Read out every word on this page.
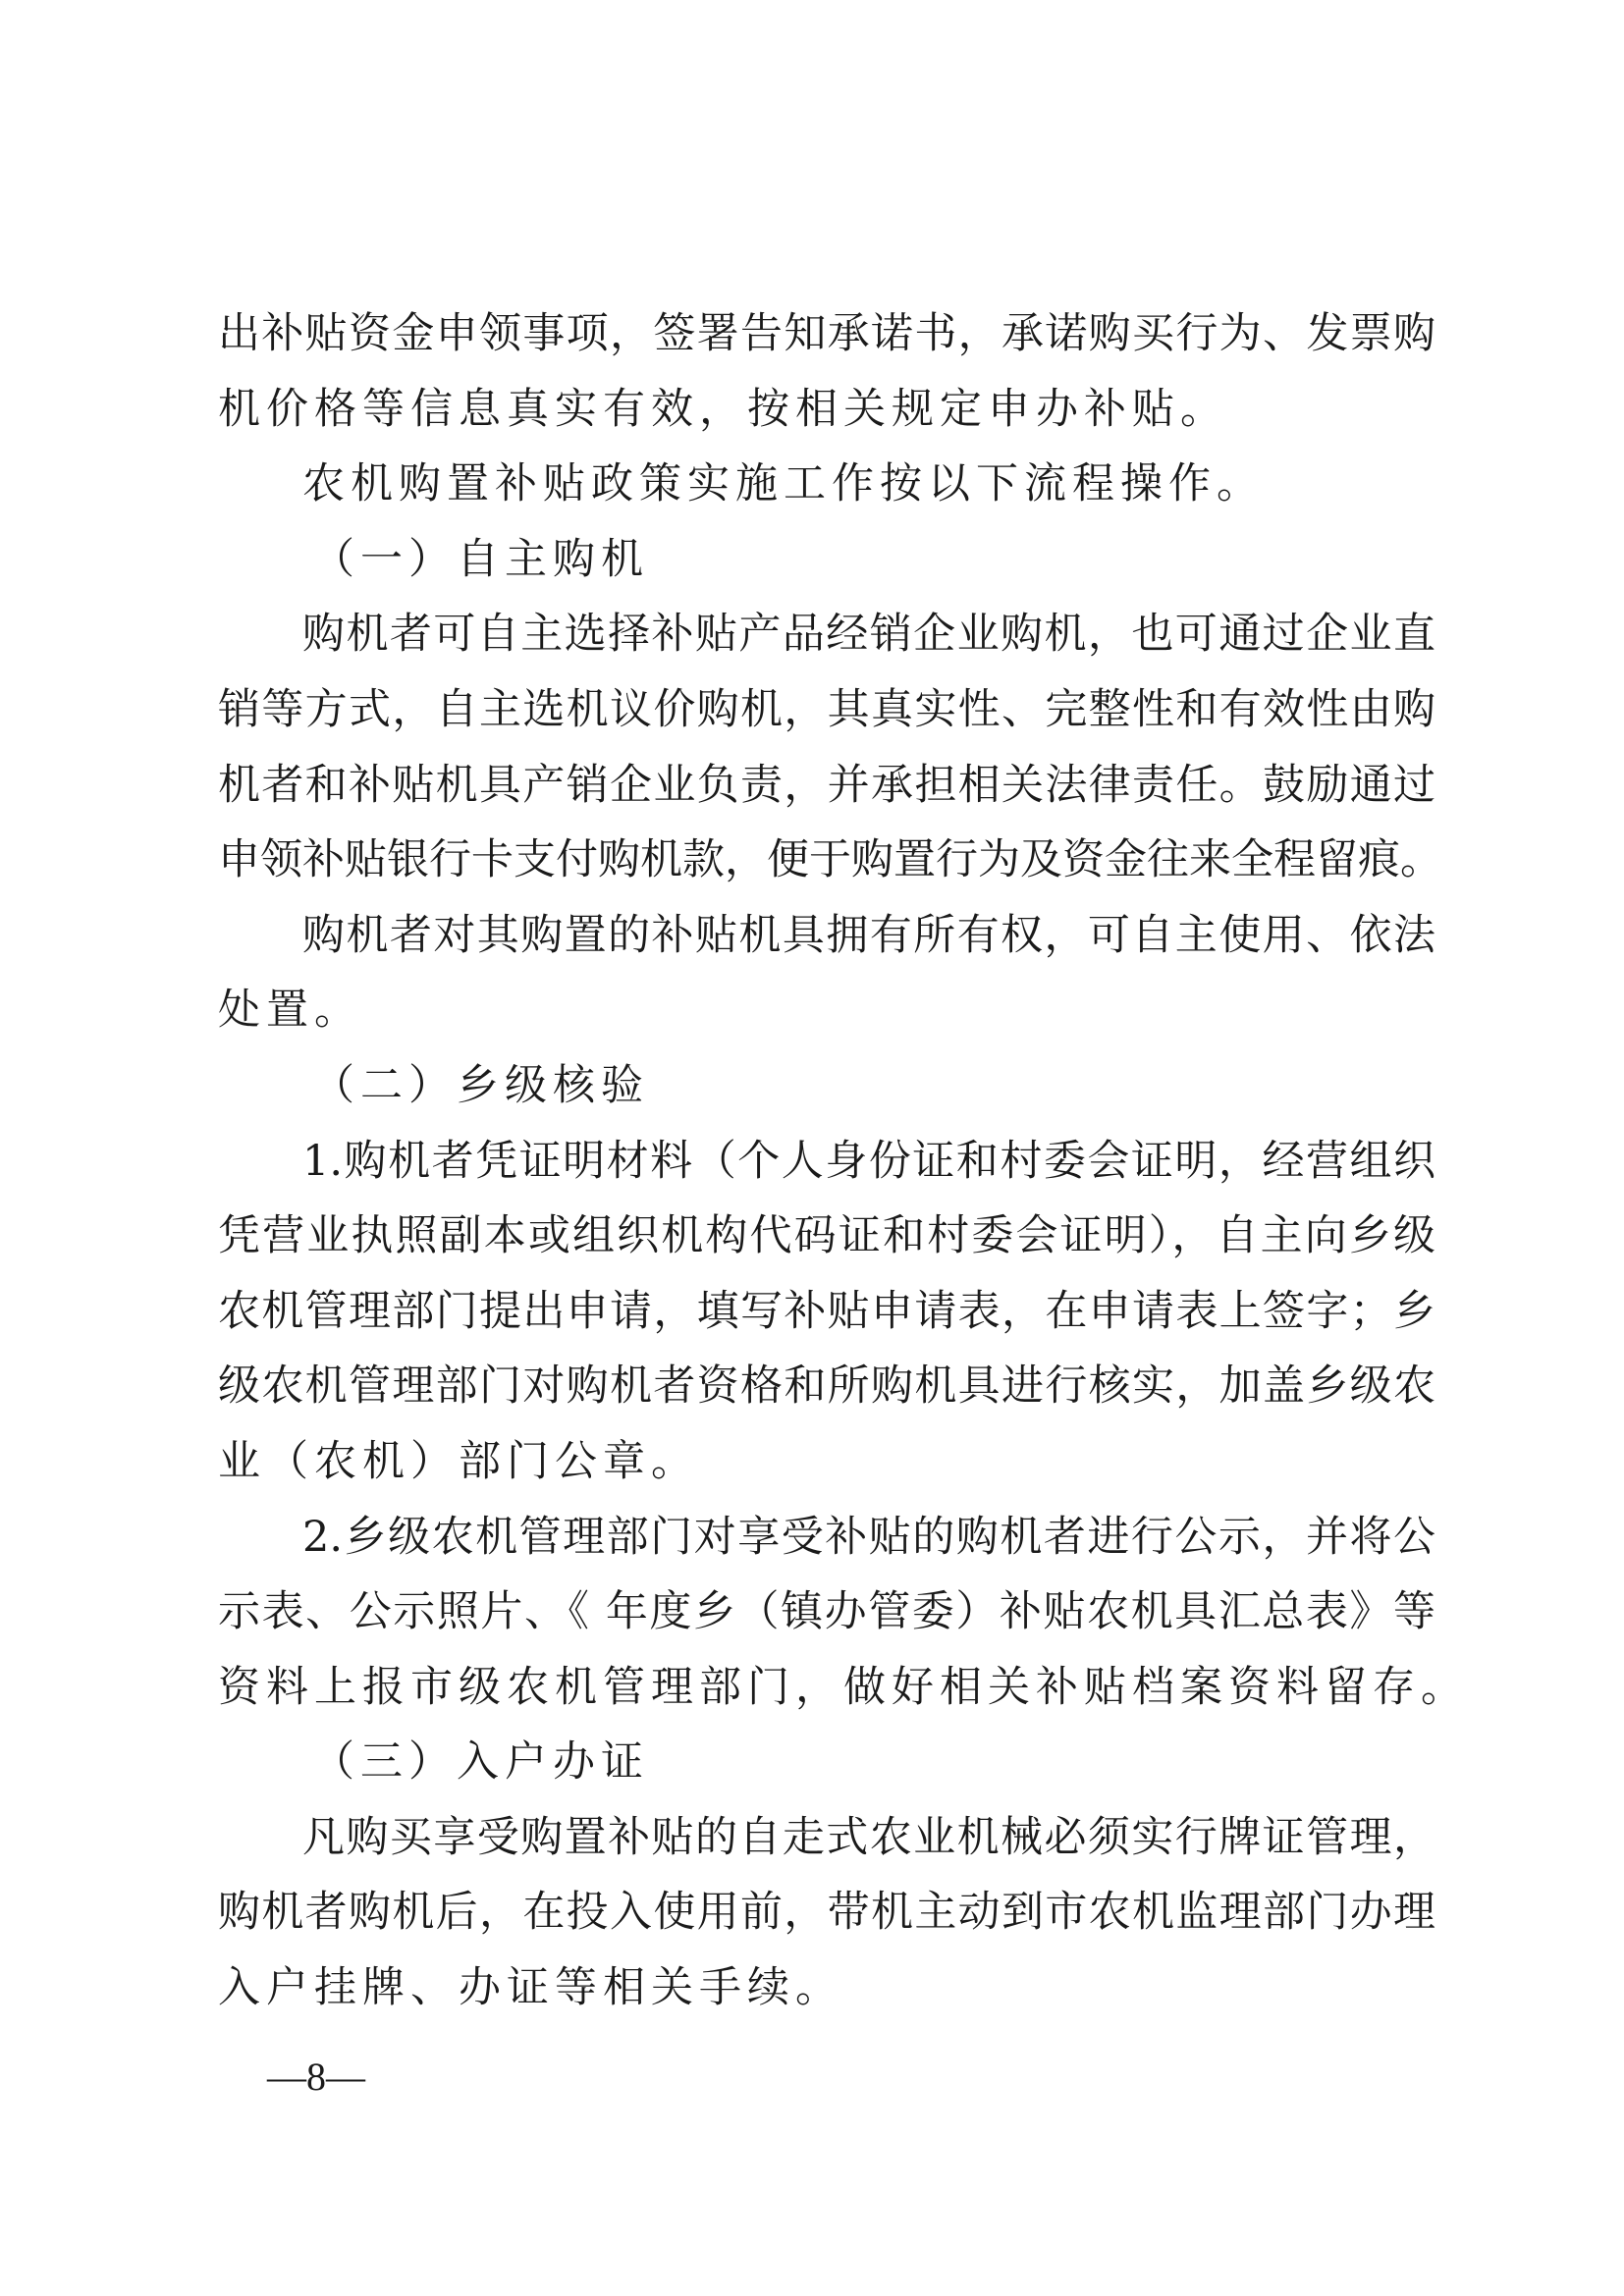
出补贴资金申领事项，签署告知承诺书，承诺购买行为、发票购
机价格等信息真实有效，按相关规定申办补贴。
农机购置补贴政策实施工作按以下流程操作。
（一）自主购机
购机者可自主选择补贴产品经销企业购机，也可通过企业直
销等方式，自主选机议价购机，其真实性、完整性和有效性由购
机者和补贴机具产销企业负责，并承担相关法律责任。鼓励通过
申领补贴银行卡支付购机款，便于购置行为及资金往来全程留痕。
购机者对其购置的补贴机具拥有所有权，可自主使用、依法
处置。
（二）乡级核验
1.购机者凭证明材料（个人身份证和村委会证明，经营组织
凭营业执照副本或组织机构代码证和村委会证明），自主向乡级
农机管理部门提出申请，填写补贴申请表，在申请表上签字；乡
级农机管理部门对购机者资格和所购机具进行核实，加盖乡级农
业（农机）部门公章。
2.乡级农机管理部门对享受补贴的购机者进行公示，并将公
示表、公示照片、《 年度乡（镇办管委）补贴农机具汇总表》等
资料上报市级农机管理部门，做好相关补贴档案资料留存。
（三）入户办证
凡购买享受购置补贴的自走式农业机械必须实行牌证管理，
购机者购机后，在投入使用前，带机主动到市农机监理部门办理
入户挂牌、办证等相关手续。
—8—
